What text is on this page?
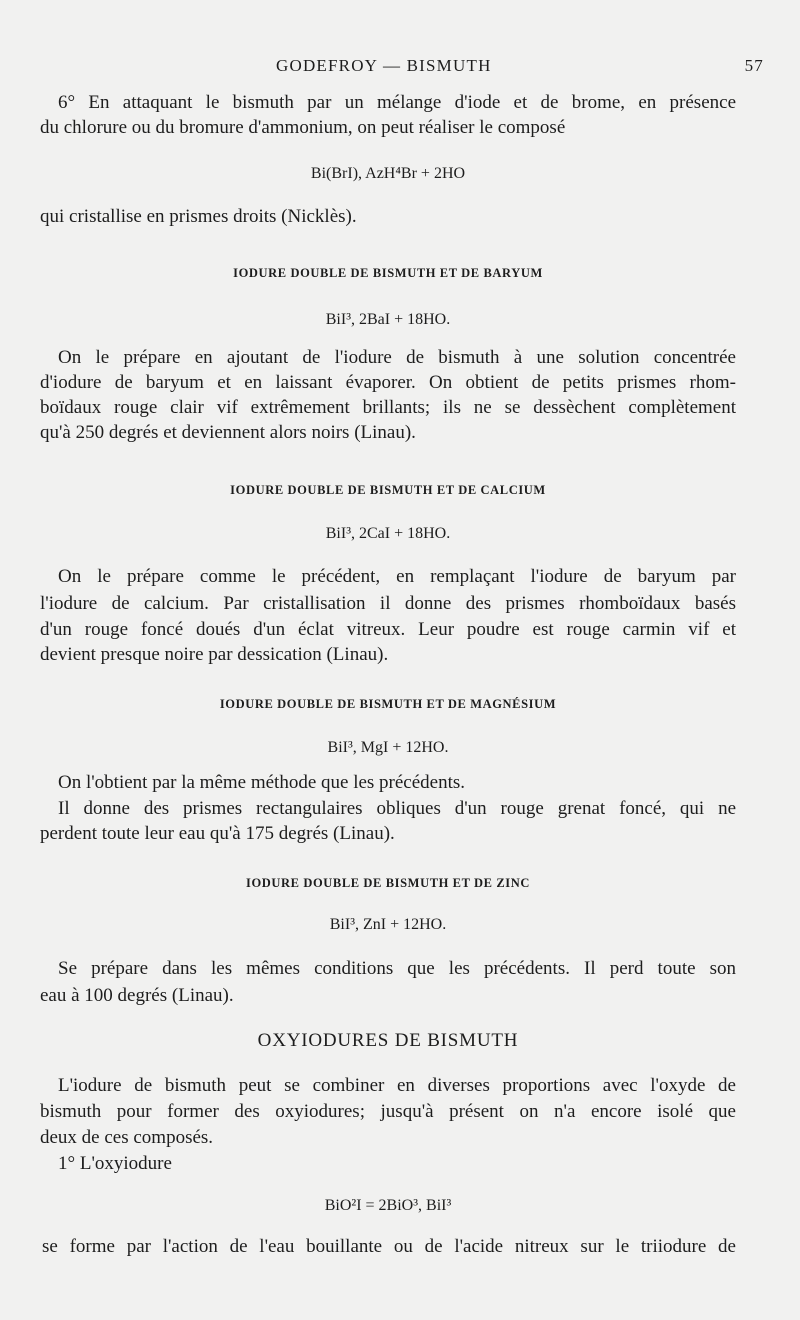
GODEFROY — BISMUTH	57
6° En attaquant le bismuth par un mélange d'iode et de brome, en présence
du chlorure ou du bromure d'ammonium, on peut réaliser le composé
Bi(BrI), AzH⁴Br + 2HO
qui cristallise en prismes droits (Nicklès).
IODURE DOUBLE DE BISMUTH ET DE BARYUM
BiI³, 2BaI + 18HO.
On le prépare en ajoutant de l'iodure de bismuth à une solution concentrée
d'iodure de baryum et en laissant évaporer. On obtient de petits prismes rhom-
boïdaux rouge clair vif extrêmement brillants; ils ne se dessèchent complètement
qu'à 250 degrés et deviennent alors noirs (Linau).
IODURE DOUBLE DE BISMUTH ET DE CALCIUM
BiI³, 2CaI + 18HO.
On le prépare comme le précédent, en remplaçant l'iodure de baryum par
l'iodure de calcium. Par cristallisation il donne des prismes rhomboïdaux basés
d'un rouge foncé doués d'un éclat vitreux. Leur poudre est rouge carmin vif et
devient presque noire par dessication (Linau).
IODURE DOUBLE DE BISMUTH ET DE MAGNÉSIUM
BiI³, MgI + 12HO.
On l'obtient par la même méthode que les précédents.
Il donne des prismes rectangulaires obliques d'un rouge grenat foncé, qui ne
perdent toute leur eau qu'à 175 degrés (Linau).
IODURE DOUBLE DE BISMUTH ET DE ZINC
BiI³, ZnI + 12HO.
Se prépare dans les mêmes conditions que les précédents. Il perd toute son
eau à 100 degrés (Linau).
OXYIODURES DE BISMUTH
L'iodure de bismuth peut se combiner en diverses proportions avec l'oxyde de
bismuth pour former des oxyiodures; jusqu'à présent on n'a encore isolé que
deux de ces composés.
1° L'oxyiodure
BiO²I = 2BiO³, BiI³
se forme par l'action de l'eau bouillante ou de l'acide nitreux sur le triiodure de
